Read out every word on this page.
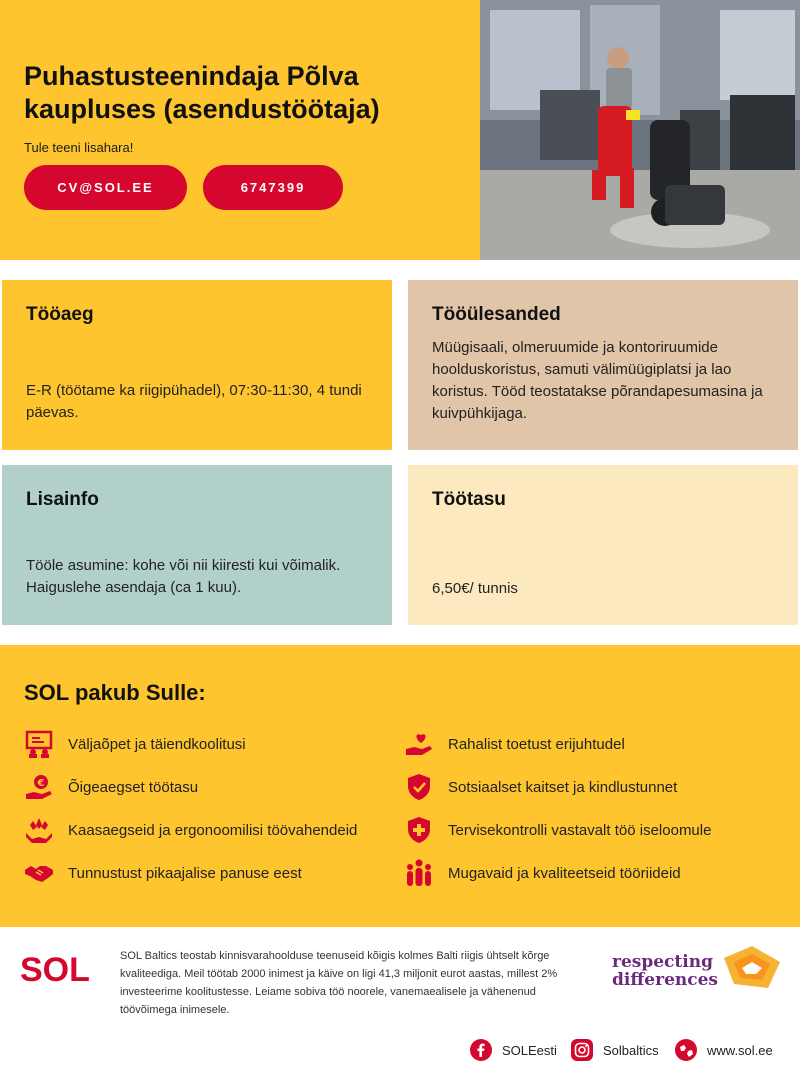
Puhastusteenindaja Põlva
kaupluses (asendustöötaja)
Tule teeni lisahara!
CV@SOL.EE	6747399
Tööaeg

E-R (töötame ka riigipühadel), 07:30-11:30, 4 tundi päevas.

Tööülesanded

Müügisaali, olmeruumide ja kontoriruumide hoolduskoristus, samuti välimüügiplatsi ja lao koristus. Tööd teostatakse põrandapesumasina ja kuivpühkijaga.

Lisainfo

Tööle asumine: kohe või nii kiiresti kui võimalik. Haiguslehe asendaja (ca 1 kuu).

Töötasu

6,50€/ tunnis

SOL pakub Sulle:
Väljaõpet ja täiendkoolitusi
€ Õigeaegset töötasu
Kaasaegseid ja ergonoomilisi töövahendeid
Tunnustust pikaajalise panuse eest
Rahalist toetust erijuhtudel
Sotsiaalset kaitset ja kindlustunnet
Tervisekontrolli vastavalt töö iseloomule
Mugavaid ja kvaliteetseid tööriideid
SOL	SOL Baltics teostab kinnisvarahoolduse teenuseid kõigis kolmes Balti riigis ühtselt kõrge kvaliteediga. Meil töötab 2000 inimest ja käive on ligi 41,3 miljonit eurot aastas, millest 2% investeerime koolitustesse. Leiame sobiva töö noorele, vanemaealisele ja vähenenud töövõimega inimesele.
respecting
differences
SOLEesti	Solbaltics	www.sol.ee
